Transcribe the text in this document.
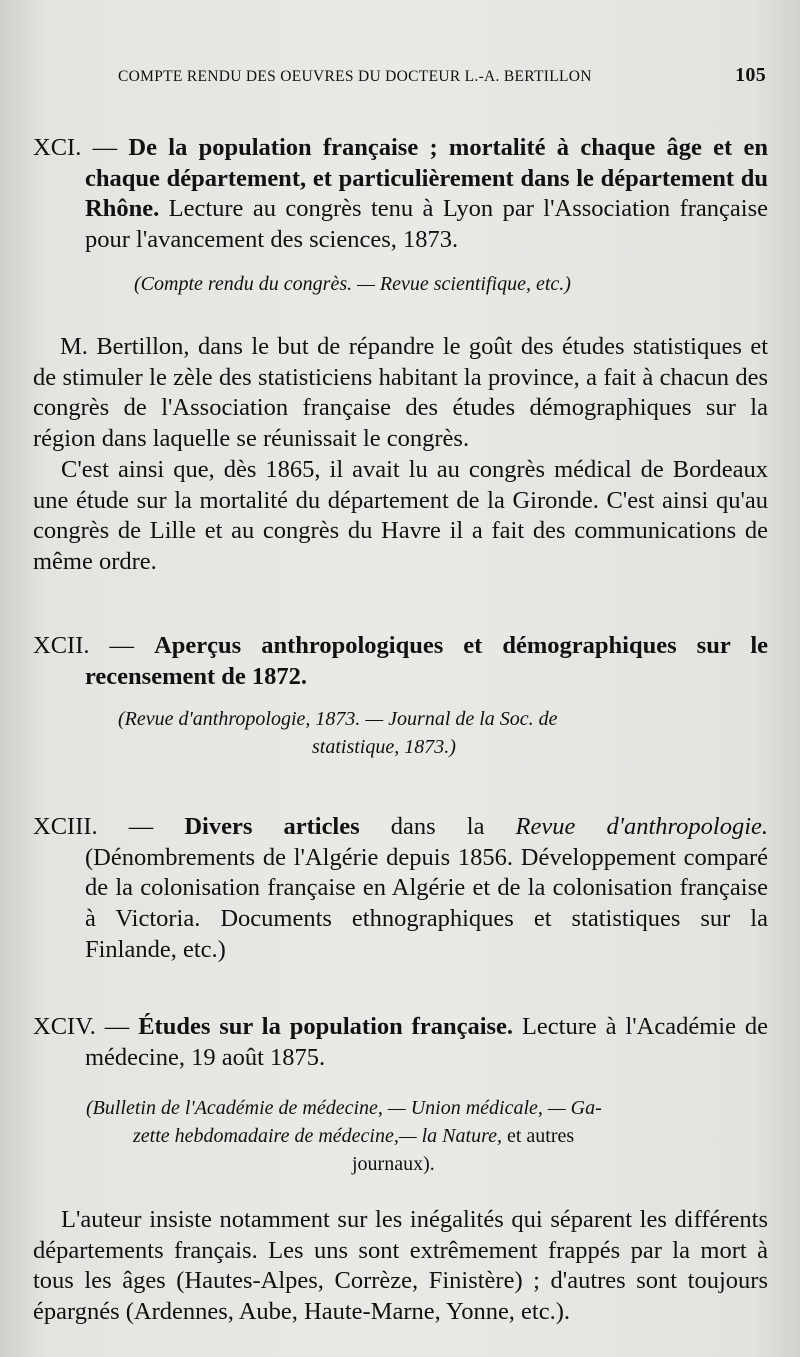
COMPTE RENDU DES OEUVRES DU DOCTEUR L.-A. BERTILLON	105
XCI. — De la population française ; mortalité à chaque âge et en chaque département, et particulièrement dans le département du Rhône. Lecture au congrès tenu à Lyon par l'Association française pour l'avancement des sciences, 1873.
(Compte rendu du congrès. — Revue scientifique, etc.)

M. Bertillon, dans le but de répandre le goût des études statistiques et de stimuler le zèle des statisticiens habitant la province, a fait à chacun des congrès de l'Association française des études démographiques sur la région dans laquelle se réunissait le congrès.

C'est ainsi que, dès 1865, il avait lu au congrès médical de Bordeaux une étude sur la mortalité du département de la Gironde. C'est ainsi qu'au congrès de Lille et au congrès du Havre il a fait des communications de même ordre.

XCII. — Aperçus anthropologiques et démographiques sur le recensement de 1872.
(Revue d'anthropologie, 1873. — Journal de la Soc. de
statistique, 1873.)
XCIII. — Divers articles dans la Revue d'anthropologie. (Dénombrements de l'Algérie depuis 1856. Développement comparé de la colonisation française en Algérie et de la colonisation française à Victoria. Documents ethnographiques et statistiques sur la Finlande, etc.)
XCIV. — Études sur la population française. Lecture à l'Académie de médecine, 19 août 1875.
(Bulletin de l'Académie de médecine, — Union médicale, — Ga-
zette hebdomadaire de médecine,— la Nature, et autres
journaux).

L'auteur insiste notamment sur les inégalités qui séparent les différents départements français. Les uns sont extrêmement frappés par la mort à tous les âges (Hautes-Alpes, Corrèze, Finistère) ; d'autres sont toujours épargnés (Ardennes, Aube, Haute-Marne, Yonne, etc.).
